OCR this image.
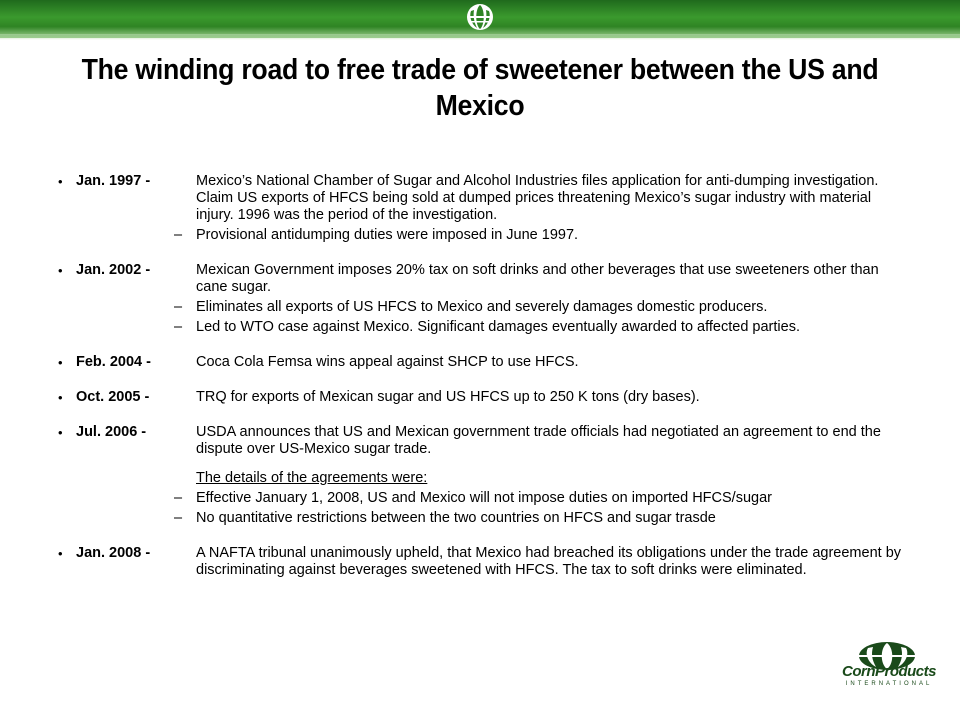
The winding road to free trade of sweetener between the US and Mexico
• Jan. 1997 -	Mexico’s National Chamber of Sugar and Alcohol Industries files application for anti-dumping investigation. Claim US exports of HFCS being sold at dumped prices threatening Mexico’s sugar industry with material injury. 1996 was the period of the investigation.
– Provisional antidumping duties were imposed in June 1997.
• Jan. 2002 -	Mexican Government imposes 20% tax on soft drinks and other beverages that use sweeteners other than cane sugar.
– Eliminates all exports of US HFCS to Mexico and severely damages domestic producers.
– Led to WTO case against Mexico. Significant damages eventually awarded to affected parties.
• Feb. 2004 -	Coca Cola Femsa wins appeal against SHCP to use HFCS.
• Oct. 2005 -	TRQ for exports of Mexican sugar and US HFCS up to 250 K tons (dry bases).
• Jul. 2006 -	USDA announces that US and Mexican government trade officials had negotiated an agreement to end the dispute over US-Mexico sugar trade.
The details of the agreements were:
– Effective January 1, 2008, US and Mexico will not impose duties on imported HFCS/sugar
– No quantitative restrictions between the two countries on HFCS and sugar trasde
• Jan. 2008 -	A NAFTA tribunal unanimously upheld, that Mexico had breached its obligations under the trade agreement by discriminating against beverages sweetened with HFCS. The tax to soft drinks were eliminated.
CornProducts
INTERNATIONAL
